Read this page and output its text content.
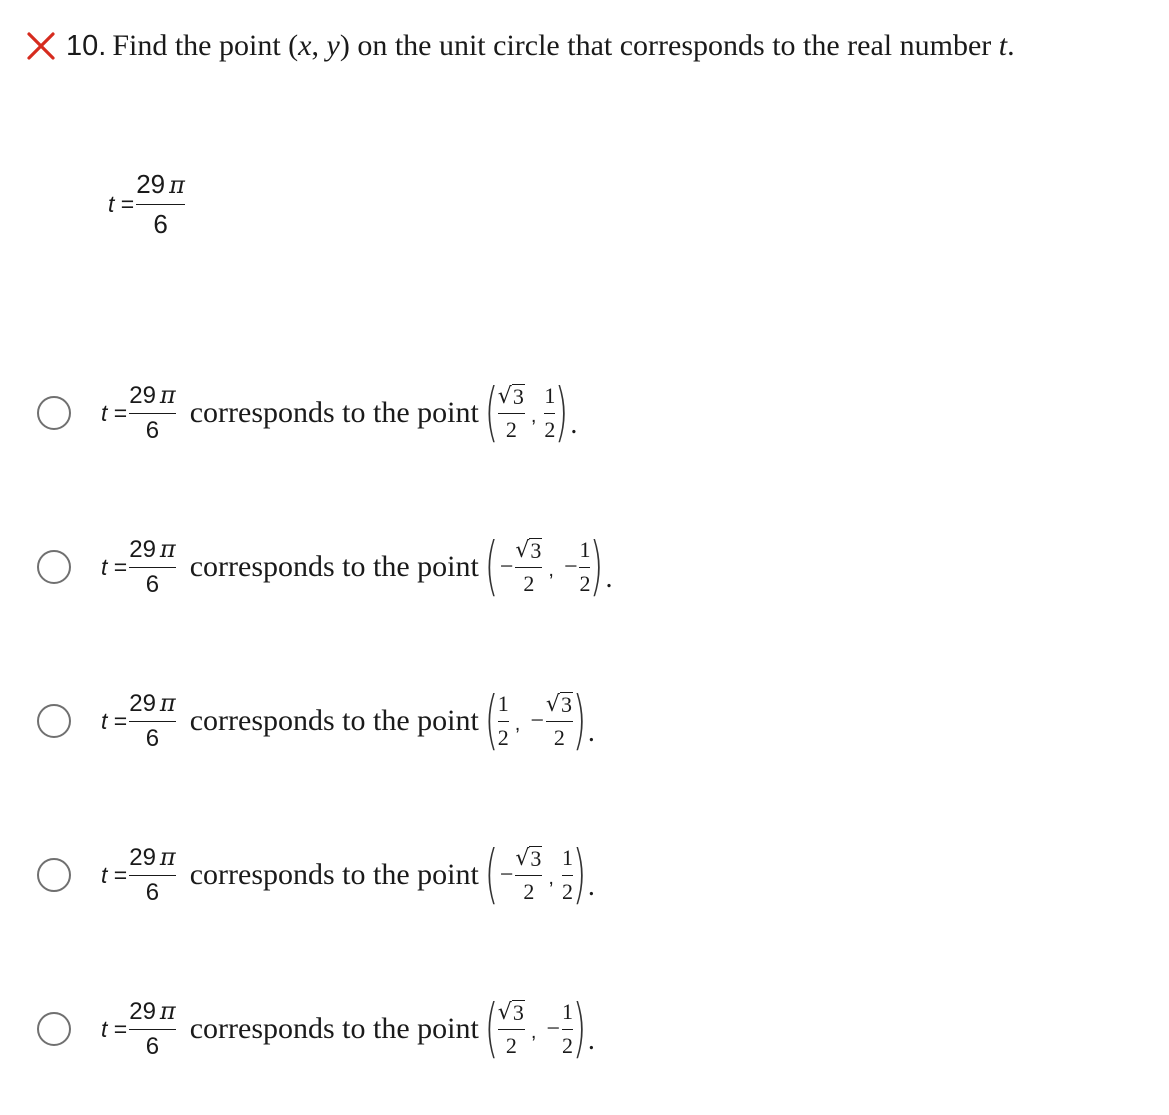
10. Find the point (x, y) on the unit circle that corresponds to the real number t.
$t = \frac{29 \pi}{6}$
$t = \frac{29 \pi}{6}$ corresponds to the point ( $\frac{√ 3}{2}$ , $\frac{1}{2}$ ) .
$t = \frac{29 \pi}{6}$ corresponds to the point ( − $\frac{√ 3}{2}$ , − $\frac{1}{2}$ ) .
$t = \frac{29 \pi}{6}$ corresponds to the point ( $\frac{1}{2}$ , − $\frac{√ 3}{2}$ ) .
$t = \frac{29 \pi}{6}$ corresponds to the point ( − $\frac{√ 3}{2}$ , $\frac{1}{2}$ ) .
$t = \frac{29 \pi}{6}$ corresponds to the point ( $\frac{√ 3}{2}$ , − $\frac{1}{2}$ ) .
